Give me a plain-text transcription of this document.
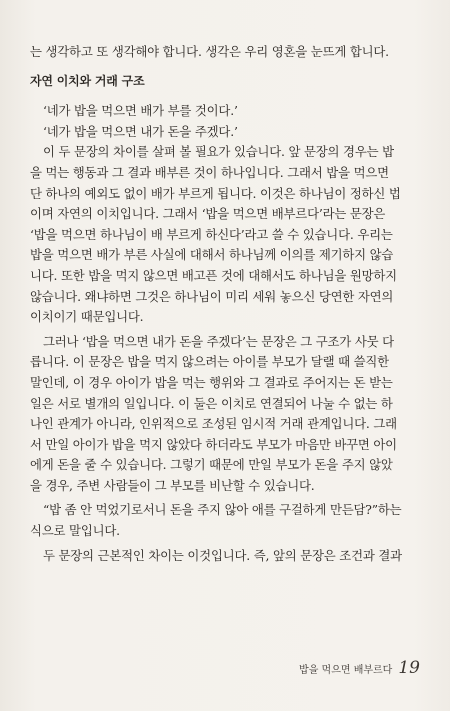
는 생각하고 또 생각해야 합니다. 생각은 우리 영혼을 눈뜨게 합니다.
자연 이치와 거래 구조
‘네가 밥을 먹으면 배가 부를 것이다.’
‘네가 밥을 먹으면 내가 돈을 주겠다.’
이 두 문장의 차이를 살펴 볼 필요가 있습니다. 앞 문장의 경우는 밥
을 먹는 행동과 그 결과 배부른 것이 하나입니다. 그래서 밥을 먹으면
단 하나의 예외도 없이 배가 부르게 됩니다. 이것은 하나님이 정하신 법
이며 자연의 이치입니다. 그래서 ‘밥을 먹으면 배부르다’라는 문장은
‘밥을 먹으면 하나님이 배 부르게 하신다’라고 쓸 수 있습니다. 우리는
밥을 먹으면 배가 부른 사실에 대해서 하나님께 이의를 제기하지 않습
니다. 또한 밥을 먹지 않으면 배고픈 것에 대해서도 하나님을 원망하지
않습니다. 왜냐하면 그것은 하나님이 미리 세워 놓으신 당연한 자연의
이치이기 때문입니다.
그러나 ‘밥을 먹으면 내가 돈을 주겠다’는 문장은 그 구조가 사뭇 다
릅니다. 이 문장은 밥을 먹지 않으려는 아이를 부모가 달랠 때 쓸직한
말인데, 이 경우 아이가 밥을 먹는 행위와 그 결과로 주어지는 돈 받는
일은 서로 별개의 일입니다. 이 둘은 이치로 연결되어 나눌 수 없는 하
나인 관계가 아니라, 인위적으로 조성된 임시적 거래 관계입니다. 그래
서 만일 아이가 밥을 먹지 않았다 하더라도 부모가 마음만 바꾸면 아이
에게 돈을 줄 수 있습니다. 그렇기 때문에 만일 부모가 돈을 주지 않았
을 경우, 주변 사람들이 그 부모를 비난할 수 있습니다.
“밥 좀 안 먹었기로서니 돈을 주지 않아 애를 구걸하게 만든담?”하는
식으로 말입니다.
두 문장의 근본적인 차이는 이것입니다. 즉, 앞의 문장은 조건과 결과
밥을 먹으면 배부르다 19
